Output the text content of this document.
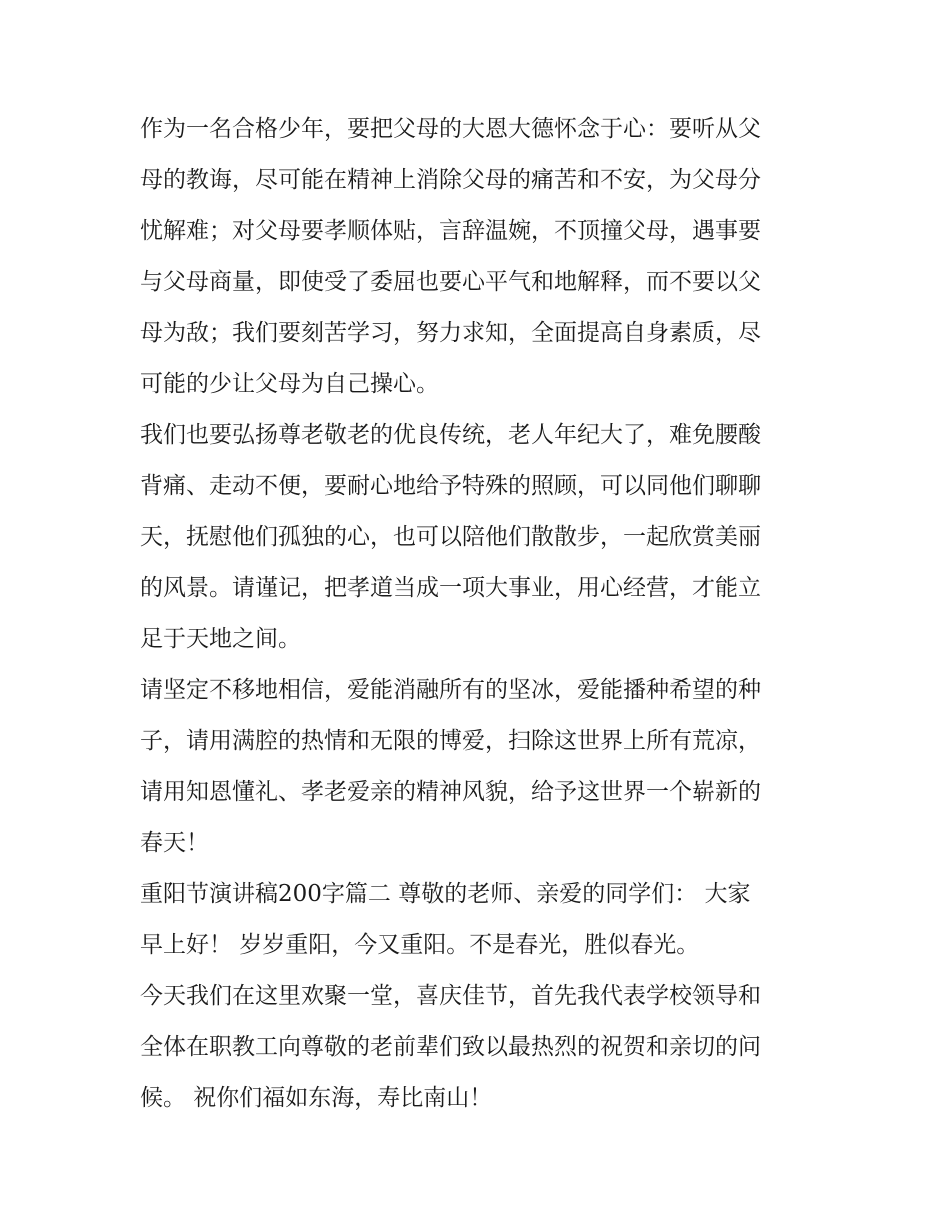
作为一名合格少年，要把父母的大恩大德怀念于心：要听从父
母的教诲，尽可能在精神上消除父母的痛苦和不安，为父母分
忧解难；对父母要孝顺体贴，言辞温婉，不顶撞父母，遇事要
与父母商量，即使受了委屈也要心平气和地解释，而不要以父
母为敌；我们要刻苦学习，努力求知，全面提高自身素质，尽
可能的少让父母为自己操心。
我们也要弘扬尊老敬老的优良传统，老人年纪大了，难免腰酸
背痛、走动不便，要耐心地给予特殊的照顾，可以同他们聊聊
天，抚慰他们孤独的心，也可以陪他们散散步，一起欣赏美丽
的风景。请谨记，把孝道当成一项大事业，用心经营，才能立
足于天地之间。
请坚定不移地相信，爱能消融所有的坚冰，爱能播种希望的种
子，请用满腔的热情和无限的博爱，扫除这世界上所有荒凉，
请用知恩懂礼、孝老爱亲的精神风貌，给予这世界一个崭新的
春天！
重阳节演讲稿200字篇二 尊敬的老师、亲爱的同学们： 大家
早上好！ 岁岁重阳，今又重阳。不是春光，胜似春光。
今天我们在这里欢聚一堂，喜庆佳节，首先我代表学校领导和
全体在职教工向尊敬的老前辈们致以最热烈的祝贺和亲切的问
候。 祝你们福如东海，寿比南山！
